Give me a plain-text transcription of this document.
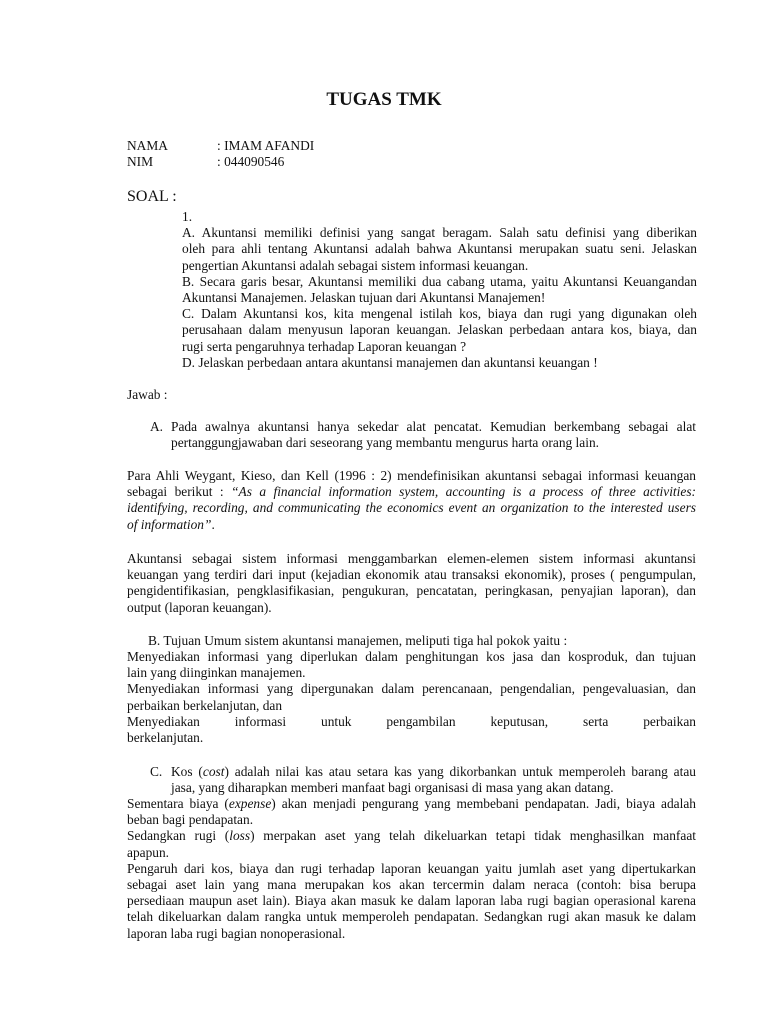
TUGAS TMK
NAMA	: IMAM AFANDI
NIM	: 044090546
SOAL :
1.
A. Akuntansi memiliki definisi yang sangat beragam. Salah satu definisi yang diberikan
oleh para ahli tentang Akuntansi adalah bahwa Akuntansi merupakan suatu seni. Jelaskan
pengertian Akuntansi adalah sebagai sistem informasi keuangan.
B. Secara garis besar, Akuntansi memiliki dua cabang utama, yaitu Akuntansi Keuangandan
Akuntansi Manajemen. Jelaskan tujuan dari Akuntansi Manajemen!
C. Dalam Akuntansi kos, kita mengenal istilah kos, biaya dan rugi yang digunakan oleh
perusahaan dalam menyusun laporan keuangan. Jelaskan perbedaan antara kos, biaya, dan
rugi serta pengaruhnya terhadap Laporan keuangan ?
D. Jelaskan perbedaan antara akuntansi manajemen dan akuntansi keuangan !
Jawab :
A. Pada awalnya akuntansi hanya sekedar alat pencatat. Kemudian berkembang sebagai alat
pertanggungjawaban dari seseorang yang membantu mengurus harta orang lain.
Para Ahli Weygant, Kieso, dan Kell (1996 : 2) mendefinisikan akuntansi sebagai informasi keuangan
sebagai berikut : “As a financial information system, accounting is a process of three activities:
identifying, recording, and communicating the economics event an organization to the interested users
of information”.
Akuntansi sebagai sistem informasi menggambarkan elemen-elemen sistem informasi akuntansi
keuangan yang terdiri dari input (kejadian ekonomik atau transaksi ekonomik), proses ( pengumpulan,
pengidentifikasian, pengklasifikasian, pengukuran, pencatatan, peringkasan, penyajian laporan), dan
output (laporan keuangan).
B. Tujuan Umum sistem akuntansi manajemen, meliputi tiga hal pokok yaitu :
Menyediakan informasi yang diperlukan dalam penghitungan kos jasa dan kosproduk, dan tujuan
lain yang diinginkan manajemen.
Menyediakan informasi yang dipergunakan dalam perencanaan, pengendalian, pengevaluasian, dan
perbaikan berkelanjutan, dan
Menyediakan informasi untuk pengambilan keputusan, serta perbaikan
berkelanjutan.
C. Kos (cost) adalah nilai kas atau setara kas yang dikorbankan untuk memperoleh barang atau
jasa, yang diharapkan memberi manfaat bagi organisasi di masa yang akan datang.
Sementara biaya (expense) akan menjadi pengurang yang membebani pendapatan. Jadi, biaya adalah
beban bagi pendapatan.
Sedangkan rugi (loss) merpakan aset yang telah dikeluarkan tetapi tidak menghasilkan manfaat
apapun.
Pengaruh dari kos, biaya dan rugi terhadap laporan keuangan yaitu jumlah aset yang dipertukarkan
sebagai aset lain yang mana merupakan kos akan tercermin dalam neraca (contoh: bisa berupa
persediaan maupun aset lain). Biaya akan masuk ke dalam laporan laba rugi bagian operasional karena
telah dikeluarkan dalam rangka untuk memperoleh pendapatan. Sedangkan rugi akan masuk ke dalam
laporan laba rugi bagian nonoperasional.
